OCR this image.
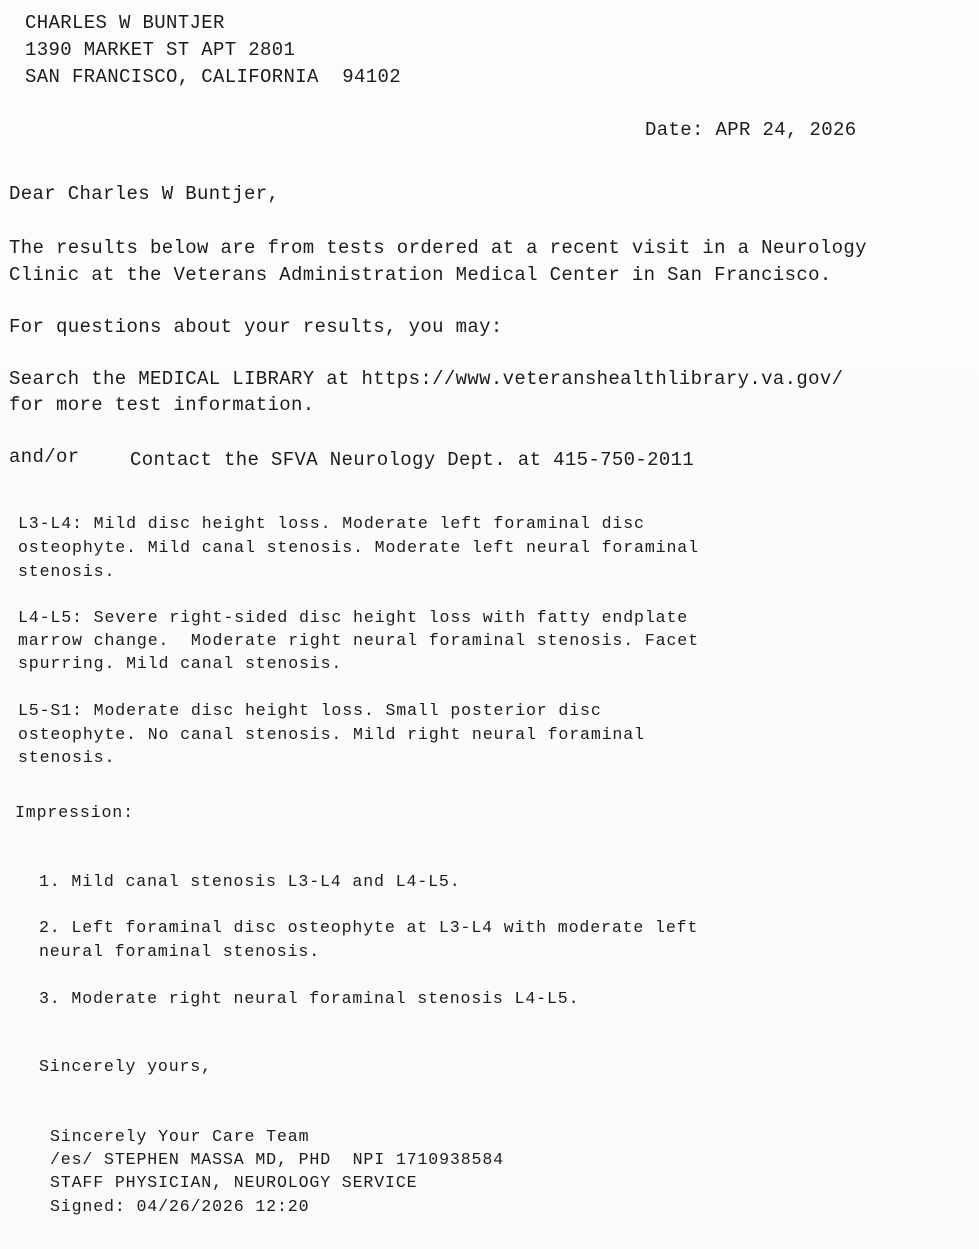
CHARLES W BUNTJER

1390 MARKET ST APT 2801

SAN FRANCISCO, CALIFORNIA  94102

Date: APR 24, 2026

Dear Charles W Buntjer,

The results below are from tests ordered at a recent visit in a Neurology

Clinic at the Veterans Administration Medical Center in San Francisco.

For questions about your results, you may:

Search the MEDICAL LIBRARY at https://www.veteranshealthlibrary.va.gov/

for more test information.

and/or	Contact the SFVA Neurology Dept. at 415-750-2011

L3-L4: Mild disc height loss. Moderate left foraminal disc

osteophyte. Mild canal stenosis. Moderate left neural foraminal

stenosis.

L4-L5: Severe right-sided disc height loss with fatty endplate

marrow change.  Moderate right neural foraminal stenosis. Facet

spurring. Mild canal stenosis.

L5-S1: Moderate disc height loss. Small posterior disc

osteophyte. No canal stenosis. Mild right neural foraminal

stenosis.

Impression:

1. Mild canal stenosis L3-L4 and L4-L5.

2. Left foraminal disc osteophyte at L3-L4 with moderate left

neural foraminal stenosis.

3. Moderate right neural foraminal stenosis L4-L5.

Sincerely yours,

Sincerely Your Care Team

/es/ STEPHEN MASSA MD, PHD  NPI 1710938584

STAFF PHYSICIAN, NEUROLOGY SERVICE

Signed: 04/26/2026 12:20
